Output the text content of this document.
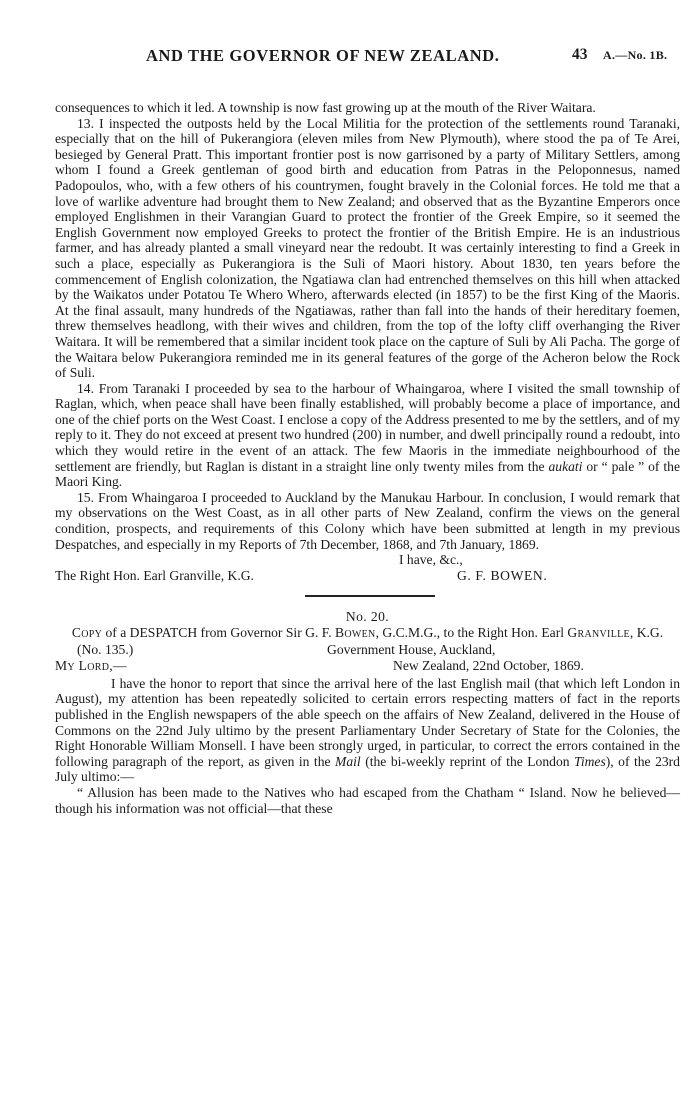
AND THE GOVERNOR OF NEW ZEALAND.	43 A.—No. 1B.

consequences to which it led. A township is now fast growing up at the mouth of the River Waitara.

13. I inspected the outposts held by the Local Militia for the protection of the settlements round Taranaki, especially that on the hill of Pukerangiora (eleven miles from New Plymouth), where stood the pa of Te Arei, besieged by General Pratt. This important frontier post is now garrisoned by a party of Military Settlers, among whom I found a Greek gentleman of good birth and education from Patras in the Peloponnesus, named Padopoulos, who, with a few others of his countrymen, fought bravely in the Colonial forces. He told me that a love of warlike adventure had brought them to New Zealand; and observed that as the Byzantine Emperors once employed Englishmen in their Varangian Guard to protect the frontier of the Greek Empire, so it seemed the English Government now employed Greeks to protect the frontier of the British Empire. He is an industrious farmer, and has already planted a small vineyard near the redoubt. It was certainly interesting to find a Greek in such a place, especially as Pukerangiora is the Suli of Maori history. About 1830, ten years before the commencement of English colonization, the Ngatiawa clan had entrenched themselves on this hill when attacked by the Waikatos under Potatou Te Whero Whero, afterwards elected (in 1857) to be the first King of the Maoris. At the final assault, many hundreds of the Ngatiawas, rather than fall into the hands of their hereditary foemen, threw themselves headlong, with their wives and children, from the top of the lofty cliff overhanging the River Waitara. It will be remembered that a similar incident took place on the capture of Suli by Ali Pacha. The gorge of the Waitara below Pukerangiora reminded me in its general features of the gorge of the Acheron below the Rock of Suli.

14. From Taranaki I proceeded by sea to the harbour of Whaingaroa, where I visited the small township of Raglan, which, when peace shall have been finally established, will probably become a place of importance, and one of the chief ports on the West Coast. I enclose a copy of the Address presented to me by the settlers, and of my reply to it. They do not exceed at present two hundred (200) in number, and dwell principally round a redoubt, into which they would retire in the event of an attack. The few Maoris in the immediate neighbourhood of the settlement are friendly, but Raglan is distant in a straight line only twenty miles from the aukati or “ pale ” of the Maori King.

15. From Whaingaroa I proceeded to Auckland by the Manukau Harbour. In conclusion, I would remark that my observations on the West Coast, as in all other parts of New Zealand, confirm the views on the general condition, prospects, and requirements of this Colony which have been submitted at length in my previous Despatches, and especially in my Reports of 7th December, 1868, and 7th January, 1869.

I have, &c.,
The Right Hon. Earl Granville, K.G.	G. F. BOWEN.

No. 20.

Copy of a DESPATCH from Governor Sir G. F. Bowen, G.C.M.G., to the Right Hon. Earl Granville, K.G.

(No. 135.)	Government House, Auckland,
My Lord,—	New Zealand, 22nd October, 1869.

I have the honor to report that since the arrival here of the last English mail (that which left London in August), my attention has been repeatedly solicited to certain errors respecting matters of fact in the reports published in the English newspapers of the able speech on the affairs of New Zealand, delivered in the House of Commons on the 22nd July ultimo by the present Parliamentary Under Secretary of State for the Colonies, the Right Honorable William Monsell. I have been strongly urged, in particular, to correct the errors contained in the following paragraph of the report, as given in the Mail (the bi-weekly reprint of the London Times), of the 23rd July ultimo:—

“ Allusion has been made to the Natives who had escaped from the Chatham “ Island. Now he believed—though his information was not official—that these
